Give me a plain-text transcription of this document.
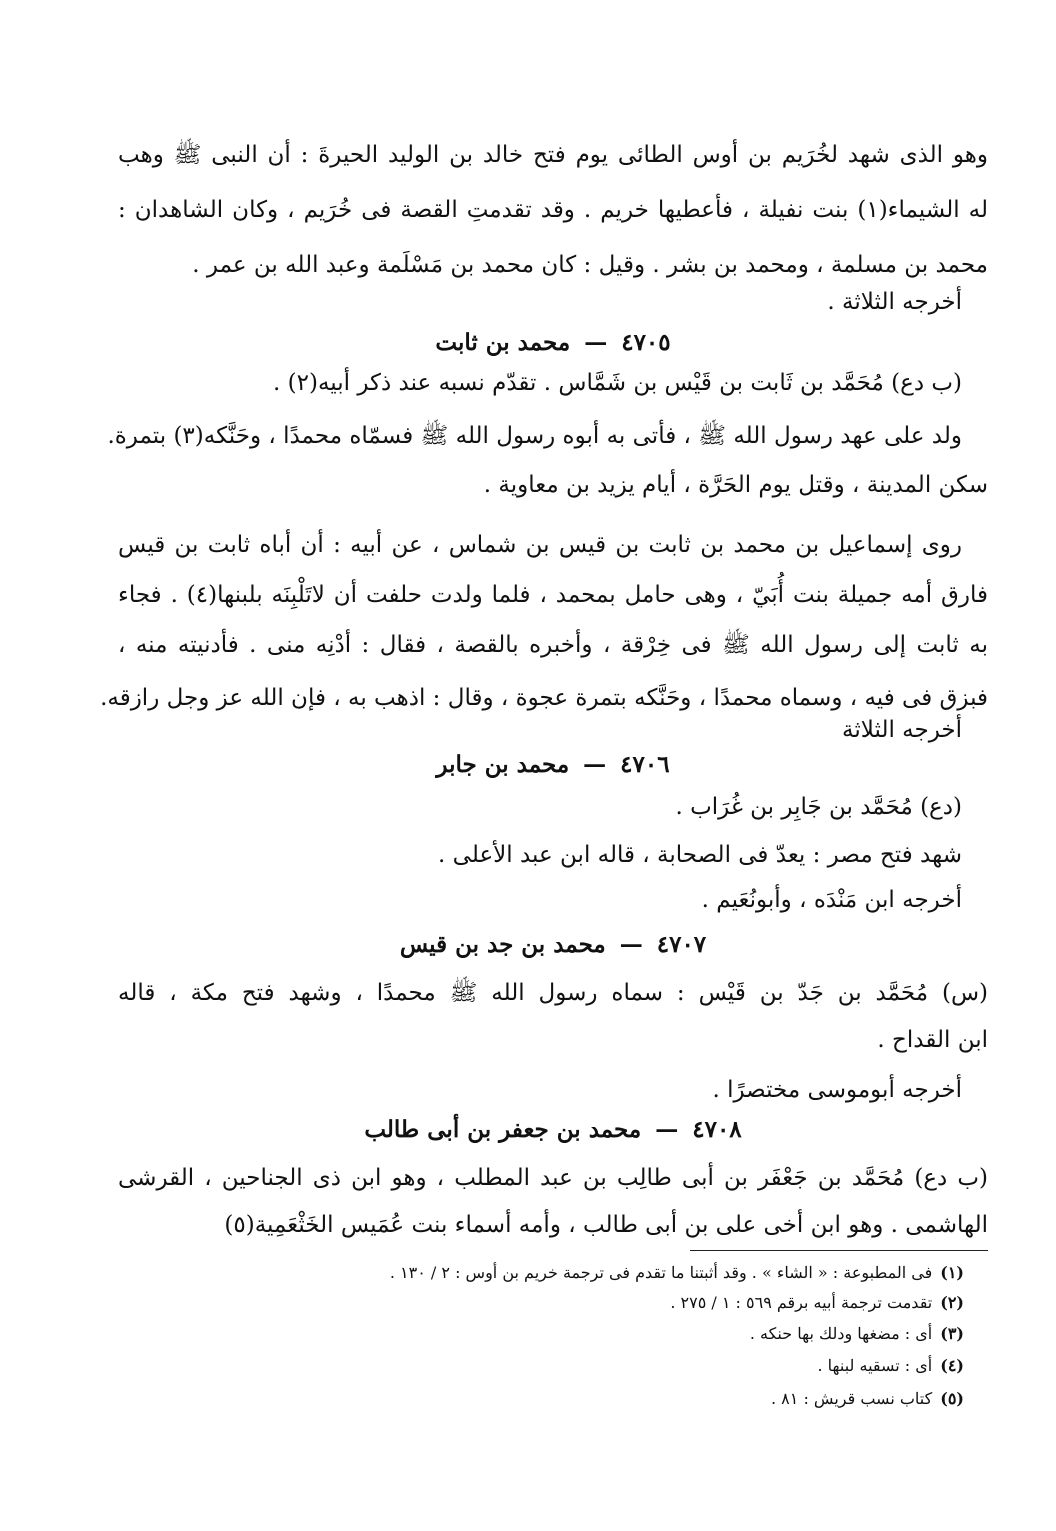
وهو الذى شهد لخُرَيم بن أوس الطائى يوم فتح خالد بن الوليد الحيرةَ : أن النبى ﷺ وهب
له الشيماء(١) بنت نفيلة ، فأعطيها خريم . وقد تقدمتِ القصة فى خُرَيم ، وكان الشاهدان :
محمد بن مسلمة ، ومحمد بن بشر . وقيل : كان محمد بن مَسْلَمة وعبد الله بن عمر .
أخرجه الثلاثة .
٤٧٠٥—محمد بن ثابت
(ب دع) مُحَمَّد بن ثَابت بن قَيْس بن شَمَّاس . تقدّم نسبه عند ذكر أبيه(٢) .
ولد على عهد رسول الله ﷺ ، فأتى به أبوه رسول الله ﷺ فسمّاه محمدًا ، وحَنَّكه(٣) بتمرة.
سكن المدينة ، وقتل يوم الحَرَّة ، أيام يزيد بن معاوية .
روى إسماعيل بن محمد بن ثابت بن قيس بن شماس ، عن أبيه : أن أباه ثابت بن قيس
فارق أمه جميلة بنت أُبَيّ ، وهى حامل بمحمد ، فلما ولدت حلفت أن لاتَلْبِنَه بلبنها(٤) . فجاء
به ثابت إلى رسول الله ﷺ فى خِرْقة ، وأخبره بالقصة ، فقال : أدْنِه منى . فأدنيته منه ،
فبزق فى فيه ، وسماه محمدًا ، وحَنَّكه بتمرة عجوة ، وقال : اذهب به ، فإن الله عز وجل رازقه.
أخرجه الثلاثة
٤٧٠٦—محمد بن جابر
(دع) مُحَمَّد بن جَابِر بن غُرَاب .
شهد فتح مصر : يعدّ فى الصحابة ، قاله ابن عبد الأعلى .
أخرجه ابن مَنْدَه ، وأبونُعَيم .
٤٧٠٧—محمد بن جد بن قيس
(س) مُحَمَّد بن جَدّ بن قَيْس : سماه رسول الله ﷺ محمدًا ، وشهد فتح مكة ، قاله
ابن القداح .
أخرجه أبوموسى مختصرًا .
٤٧٠٨—محمد بن جعفر بن أبى طالب
(ب دع) مُحَمَّد بن جَعْفَر بن أبى طالِب بن عبد المطلب ، وهو ابن ذى الجناحين ، القرشى
الهاشمى . وهو ابن أخى على بن أبى طالب ، وأمه أسماء بنت عُمَيس الخَثْعَمِية(٥)
(١)فى المطبوعة : « الشاء » . وقد أثبتنا ما تقدم فى ترجمة خريم بن أوس : ٢ / ١٣٠ .
(٢)تقدمت ترجمة أبيه برقم ٥٦٩ : ١ / ٢٧٥ .
(٣)أى : مضغها ودلك بها حنكه .
(٤)أى : تسقيه لبنها .
(٥)كتاب نسب قريش : ٨١ .
